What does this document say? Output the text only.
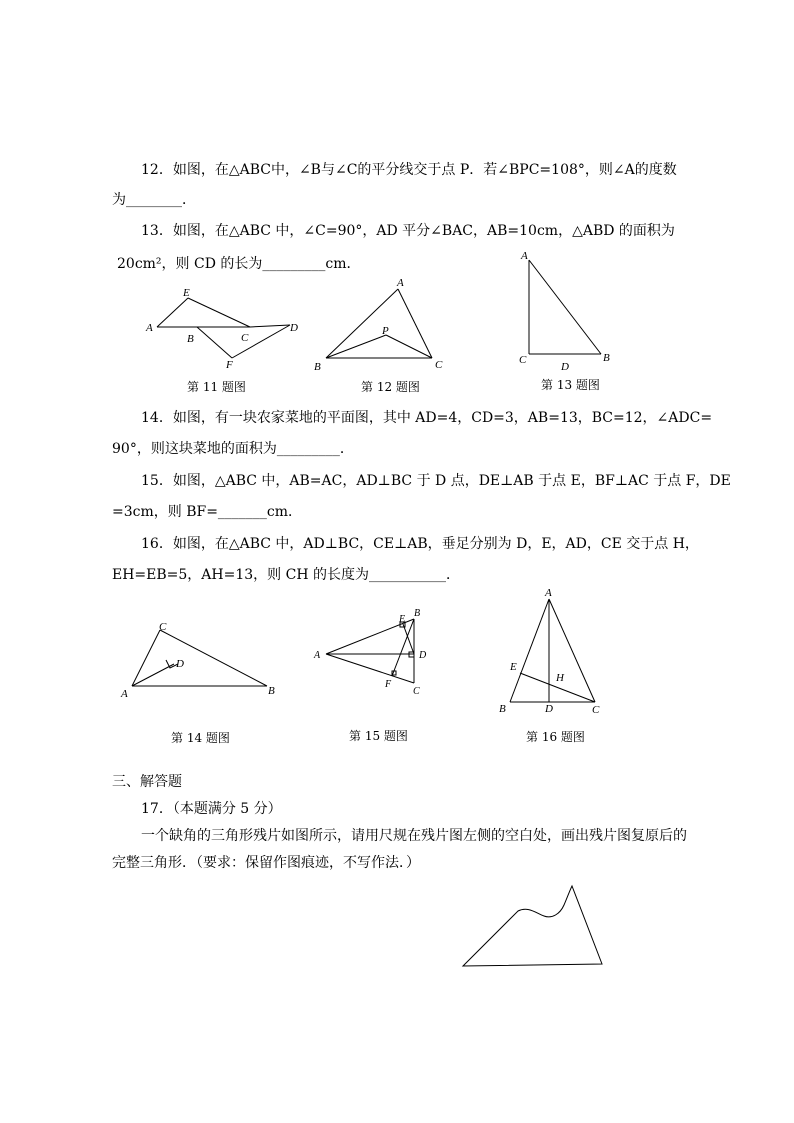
12．如图，在△ABC中，∠B与∠C的平分线交于点 P．若∠BPC=108°，则∠A的度数
为________．
13．如图，在△ABC 中，∠C=90°，AD 平分∠BAC，AB=10cm，△ABD 的面积为
20cm²，则 CD 的长为_________cm．
E
A
C
D
B
F
A
P
B	C
A
C
D
B
C
D
A	B
E
B
A	D
F
C
A
E
H
B	D	C
第 11 题图	第 12 题图	第 13 题图
14．如图，有一块农家菜地的平面图，其中 AD=4，CD=3，AB=13，BC=12，∠ADC=
90°，则这块菜地的面积为_________．
15．如图，△ABC 中，AB=AC，AD⊥BC 于 D 点，DE⊥AB 于点 E，BF⊥AC 于点 F，DE
=3cm，则 BF=_______cm．
16．如图，在△ABC 中，AD⊥BC，CE⊥AB，垂足分别为 D，E，AD，CE 交于点 H，
EH=EB=5，AH=13，则 CH 的长度为___________．
第 14 题图	第 15 题图	第 16 题图
三、解答题
17．（本题满分 5 分）
一个缺角的三角形残片如图所示，请用尺规在残片图左侧的空白处，画出残片图复原后的
完整三角形．（要求：保留作图痕迹，不写作法．）
